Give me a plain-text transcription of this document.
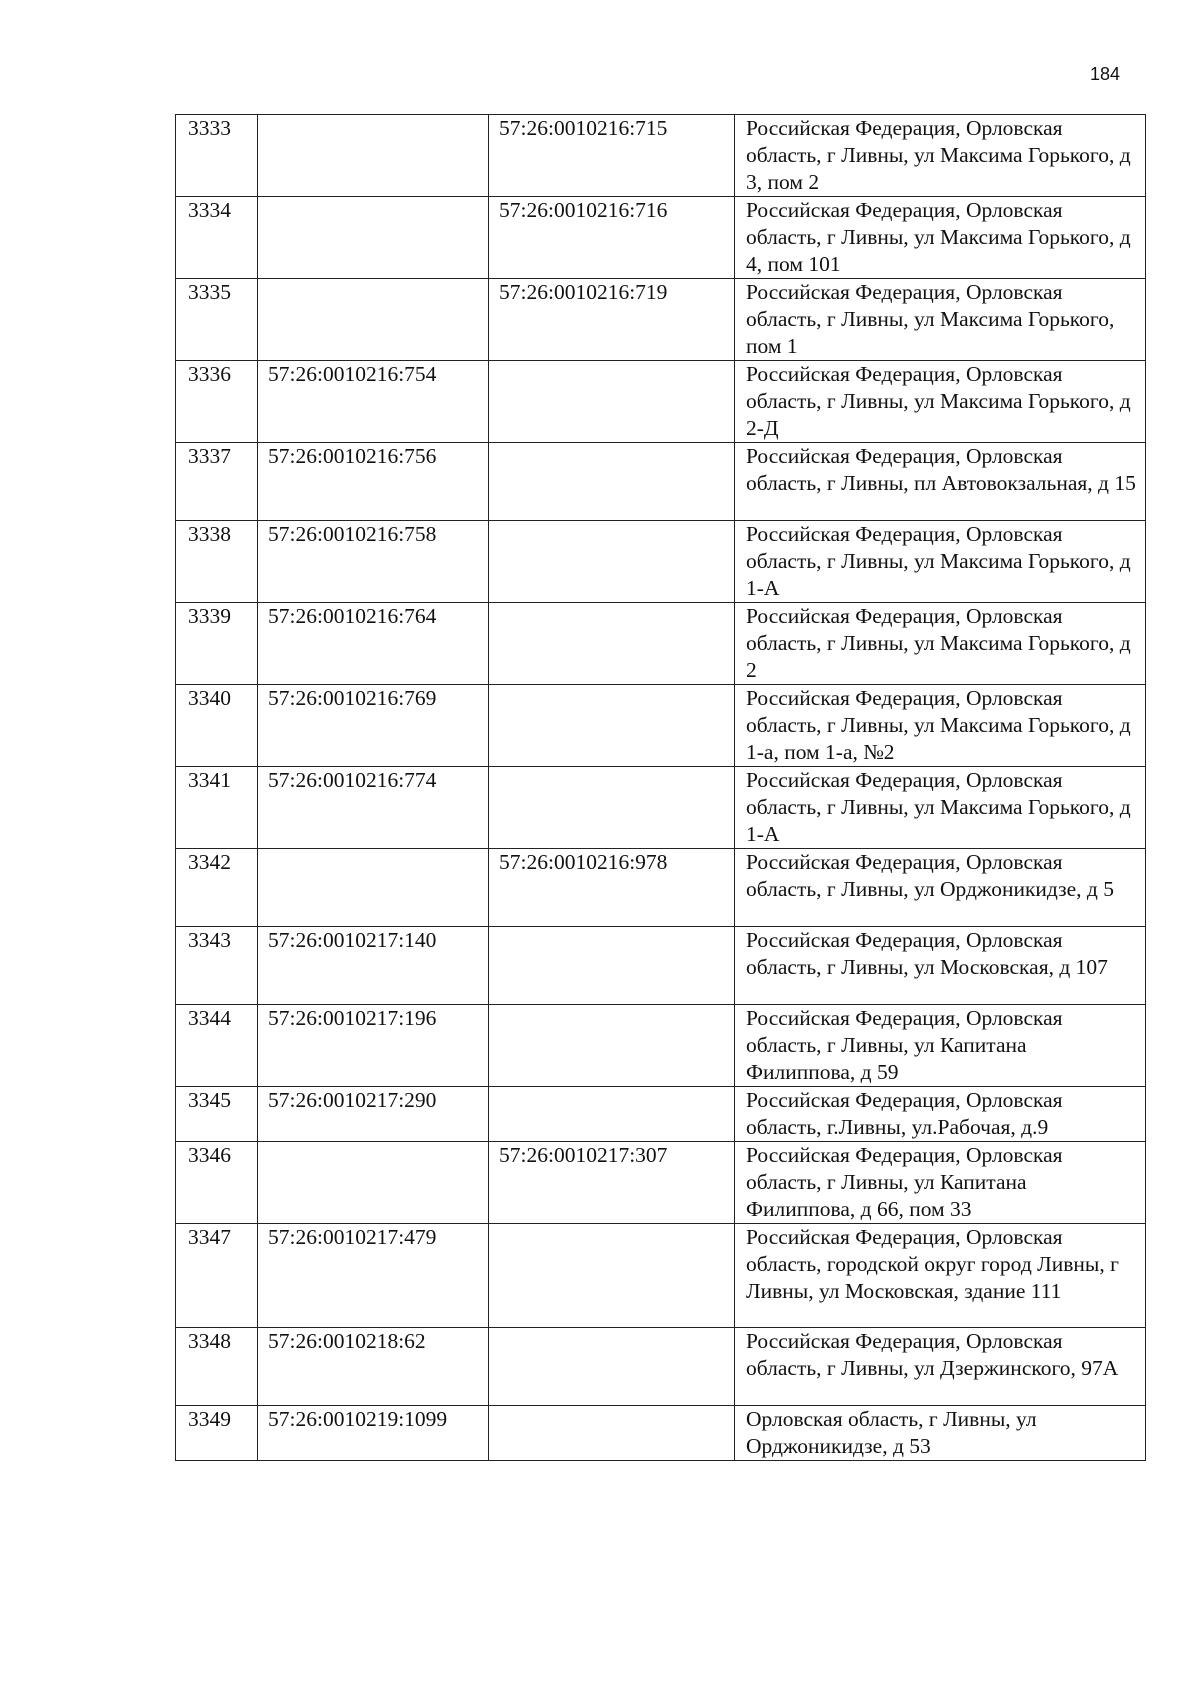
184
3333		57:26:0010216:715	Российская Федерация, Орловская область, г Ливны, ул Максима Горького, д 3, пом 2
3334		57:26:0010216:716	Российская Федерация, Орловская область, г Ливны, ул Максима Горького, д 4, пом 101
3335		57:26:0010216:719	Российская Федерация, Орловская область, г Ливны, ул Максима Горького, пом 1
3336	57:26:0010216:754		Российская Федерация, Орловская область, г Ливны, ул Максима Горького, д 2-Д
3337	57:26:0010216:756		Российская Федерация, Орловская область, г Ливны, пл Автовокзальная, д 15
3338	57:26:0010216:758		Российская Федерация, Орловская область, г Ливны, ул Максима Горького, д 1-А
3339	57:26:0010216:764		Российская Федерация, Орловская область, г Ливны, ул Максима Горького, д 2
3340	57:26:0010216:769		Российская Федерация, Орловская область, г Ливны, ул Максима Горького, д 1-а, пом 1-а, №2
3341	57:26:0010216:774		Российская Федерация, Орловская область, г Ливны, ул Максима Горького, д 1-А
3342		57:26:0010216:978	Российская Федерация, Орловская область, г Ливны, ул Орджоникидзе, д 5
3343	57:26:0010217:140		Российская Федерация, Орловская область, г Ливны, ул Московская, д 107
3344	57:26:0010217:196		Российская Федерация, Орловская область, г Ливны, ул Капитана Филиппова, д 59
3345	57:26:0010217:290		Российская Федерация, Орловская область, г.Ливны, ул.Рабочая, д.9
3346		57:26:0010217:307	Российская Федерация, Орловская область, г Ливны, ул Капитана Филиппова, д 66, пом 33
3347	57:26:0010217:479		Российская Федерация, Орловская область, городской округ город Ливны, г Ливны, ул Московская, здание 111
3348	57:26:0010218:62		Российская Федерация, Орловская область, г Ливны, ул Дзержинского, 97А
3349	57:26:0010219:1099		Орловская область, г Ливны, ул Орджоникидзе, д 53
